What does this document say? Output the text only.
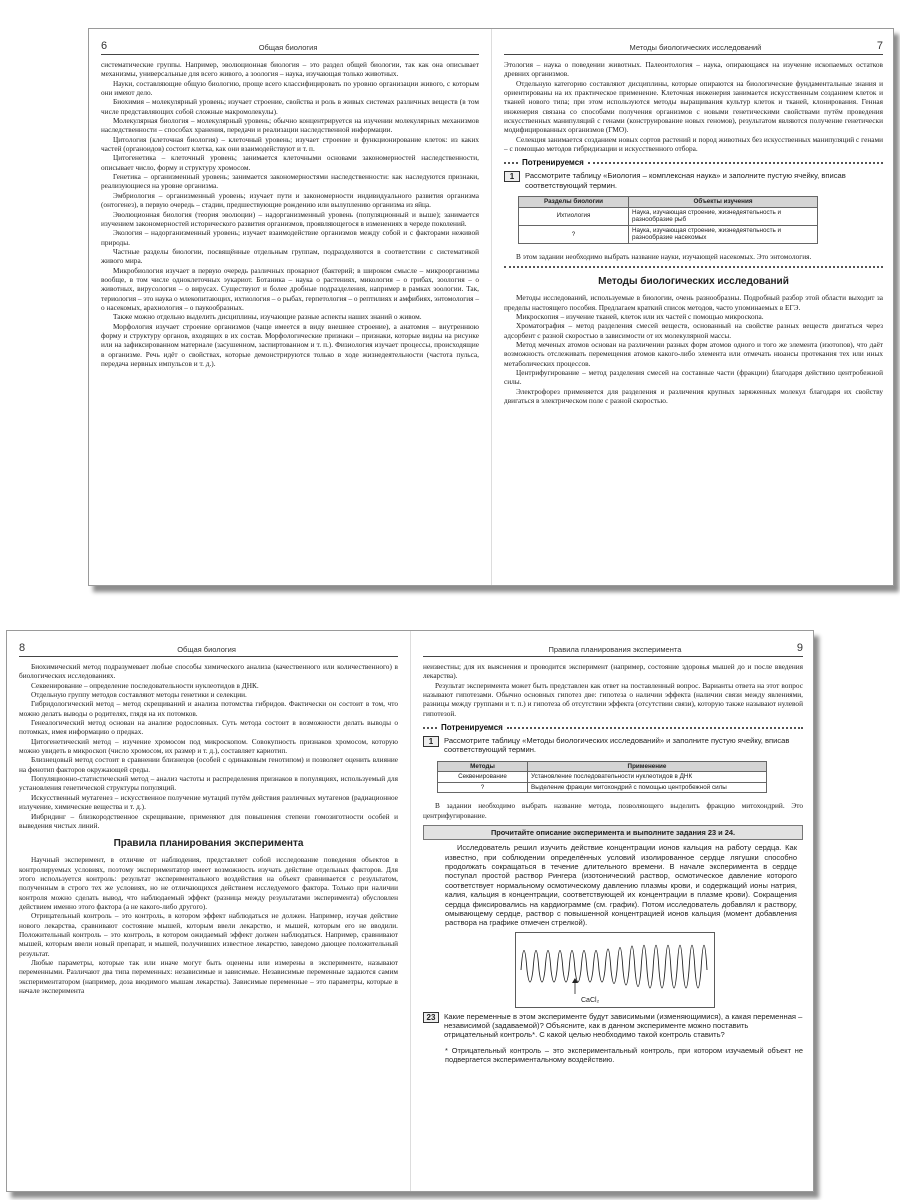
6	Общая биология

систематические группы. Например, эволюционная биология – это раздел общей биологии, так как она описывает механизмы, универсальные для всего живого, а зоология – наука, изучающая только животных.

Науки, составляющие общую биологию, проще всего классифицировать по уровню организации живого, с которым они имеют дело.

Биохимия – молекулярный уровень; изучает строение, свойства и роль в живых системах различных веществ (в том числе представляющих собой сложные макромолекулы).

Молекулярная биология – молекулярный уровень; обычно концентрируется на изучении молекулярных механизмов наследственности – способах хранения, передачи и реализации наследственной информации.

Цитология (клеточная биология) – клеточный уровень; изучает строение и функционирование клеток: из каких частей (органоидов) состоит клетка, как они взаимодействуют и т. п.

Цитогенетика – клеточный уровень; занимается клеточными основами закономерностей наследственности, описывает число, форму и структуру хромосом.

Генетика – организменный уровень; занимается закономерностями наследственности: как наследуются признаки, реализующиеся на уровне организма.

Эмбриология – организменный уровень; изучает пути и закономерности индивидуального развития организма (онтогенез), в первую очередь – стадии, предшествующие рождению или вылуплению организма из яйца.

Эволюционная биология (теория эволюции) – надорганизменный уровень (популяционный и выше); занимается изучением закономерностей исторического развития организмов, проявляющегося в изменениях в череде поколений.

Экология – надорганизменный уровень; изучает взаимодействие организмов между собой и с факторами неживой природы.

Частные разделы биологии, посвящённые отдельным группам, подразделяются в соответствии с систематикой живого мира.

Микробиология изучает в первую очередь различных прокариот (бактерий; в широком смысле – микроорганизмы вообще, в том числе одноклеточных эукариот. Ботаника – наука о растениях, микология – о грибах, зоология – о животных, вирусология – о вирусах. Существуют и более дробные подразделения, например в рамках зоологии. Так, териология – это наука о млекопитающих, ихтиология – о рыбах, герпетология – о рептилиях и амфибиях, энтомология – о насекомых, арахнология – о паукообразных.

Также можно отдельно выделить дисциплины, изучающие разные аспекты наших знаний о живом.

Морфология изучает строение организмов (чаще имеется в виду внешнее строение), а анатомия – внутреннюю форму и структуру органов, входящих в их состав. Морфологические признаки – признаки, которые видны на рисунке или на зафиксированном материале (засушенном, заспиртованном и т. п.). Физиология изучает процессы, происходящие в организме. Речь идёт о свойствах, которые демонстрируются только в ходе жизнедеятельности (частота пульса, передача нервных импульсов и т. д.).

Методы биологических исследований	7

Этология – наука о поведении животных. Палеонтология – наука, опирающаяся на изучение ископаемых остатков древних организмов.

Отдельную категорию составляют дисциплины, которые опираются на биологические фундаментальные знания и ориентированы на их практическое применение. Клеточная инженерия занимается искусственным созданием клеток и тканей нового типа; при этом используются методы выращивания культур клеток и тканей, клонирования. Генная инженерия связана со способами получения организмов с новыми генетическими свойствами путём проведения искусственных манипуляций с генами (конструирование новых геномов), результатом являются получение генетически модифицированных организмов (ГМО).

Селекция занимается созданием новых сортов растений и пород животных без искусственных манипуляций с генами – с помощью методов гибридизации и искусственного отбора.

Потренируемся
1	Рассмотрите таблицу «Биология – комплексная наука» и заполните пустую ячейку, вписав соответствующий термин.
Разделы биологии	Объекты изучения
Ихтиология	Наука, изучающая строение, жизнедеятельность и разнообразие рыб
?	Наука, изучающая строение, жизнедеятельность и разнообразие насекомых

В этом задании необходимо выбрать название науки, изучающей насекомых. Это энтомология.

Методы биологических исследований

Методы исследований, используемые в биологии, очень разнообразны. Подробный разбор этой области выходит за пределы настоящего пособия. Предлагаем краткий список методов, часто упоминаемых в ЕГЭ.

Микроскопия – изучение тканей, клеток или их частей с помощью микроскопа.

Хроматография – метод разделения смесей веществ, основанный на свойстве разных веществ двигаться через адсорбент с разной скоростью в зависимости от их молекулярной массы.

Метод меченых атомов основан на различении разных форм атомов одного и того же элемента (изотопов), что даёт возможность отслеживать перемещения атомов какого-либо элемента или отмечать нюансы протекания тех или иных метаболических процессов.

Центрифугирование – метод разделения смесей на составные части (фракции) благодаря действию центробежной силы.

Электрофорез применяется для разделения и различения крупных заряженных молекул благодаря их свойству двигаться в электрическом поле с разной скоростью.

8	Общая биология

Биохимический метод подразумевает любые способы химического анализа (качественного или количественного) в биологических исследованиях.

Секвенирование – определение последовательности нуклеотидов в ДНК.

Отдельную группу методов составляют методы генетики и селекции.

Гибридологический метод – метод скрещиваний и анализа потомства гибридов. Фактически он состоит в том, что можно делать выводы о родителях, глядя на их потомков.

Генеалогический метод основан на анализе родословных. Суть метода состоит в возможности делать выводы о потомках, имея информацию о предках.

Цитогенетический метод – изучение хромосом под микроскопом. Совокупность признаков хромосом, которую можно увидеть в микроскоп (число хромосом, их размер и т. д.), составляет кариотип.

Близнецовый метод состоит в сравнении близнецов (особей с одинаковым генотипом) и позволяет оценить влияние на фенотип факторов окружающей среды.

Популяционно-статистический метод – анализ частоты и распределения признаков в популяциях, используемый для установления генетической структуры популяций.

Искусственный мутагенез – искусственное получение мутаций путём действия различных мутагенов (радиационное излучение, химические вещества и т. д.).

Инбридинг – близкородственное скрещивание, применяют для повышения степени гомозиготности особей и выведения чистых линий.

Правила планирования эксперимента

Научный эксперимент, в отличие от наблюдения, представляет собой исследование поведения объектов в контролируемых условиях, поэтому экспериментатор имеет возможность изучать действие отдельных факторов. Для этого используется контроль: результат экспериментального воздействия на объект сравнивается с результатом, полученным в строго тех же условиях, но не отличающихся действием исследуемого фактора. Только при наличии контроля можно сделать вывод, что наблюдаемый эффект (разница между результатами эксперимента) обусловлен действием именно этого фактора (а не какого-либо другого).

Отрицательный контроль – это контроль, в котором эффект наблюдаться не должен. Например, изучая действие нового лекарства, сравнивают состояние мышей, которым ввели лекарство, и мышей, которым его не вводили. Положительный контроль – это контроль, в котором ожидаемый эффект должен наблюдаться. Например, сравнивают мышей, которым ввели новый препарат, и мышей, получивших известное лекарство, заведомо дающее положительный результат.

Любые параметры, которые так или иначе могут быть оценены или измерены в эксперименте, называют переменными. Различают два типа переменных: независимые и зависимые. Независимые переменные задаются самим экспериментатором (например, доза вводимого мышам лекарства). Зависимые переменные – это параметры, которые в начале эксперимента

Правила планирования эксперимента	9

неизвестны; для их выяснения и проводится эксперимент (например, состояние здоровья мышей до и после введения лекарства).

Результат эксперимента может быть представлен как ответ на поставленный вопрос. Варианты ответа на этот вопрос называют гипотезами. Обычно основных гипотез две: гипотеза о наличии эффекта (наличии связи между явлениями, разницы между группами и т. п.) и гипотеза об отсутствии эффекта (отсутствии связи), которую также называют нулевой гипотезой.

Потренируемся
1	Рассмотрите таблицу «Методы биологических исследований» и заполните пустую ячейку, вписав соответствующий термин.
Методы	Применение
Секвенирование	Установление последовательности нуклеотидов в ДНК
?	Выделение фракции митохондрий с помощью центробежной силы

В задании необходимо выбрать название метода, позволяющего выделить фракцию митохондрий. Это центрифугирование.

Прочитайте описание эксперимента и выполните задания 23 и 24.

Исследователь решил изучить действие концентрации ионов кальция на работу сердца. Как известно, при соблюдении определённых условий изолированное сердце лягушки способно продолжать сокращаться в течение длительного времени. В начале эксперимента в сердце поступал простой раствор Рингера (изотонический раствор, осмотическое давление которого соответствует нормальному осмотическому давлению плазмы крови, и содержащий ионы натрия, калия, кальция в концентрации, соответствующей их концентрации в плазме крови). Сокращения сердца фиксировались на кардиограмме (см. график). Потом исследователь добавлял к раствору, омывающему сердце, раствор с повышенной концентрацией ионов кальция (момент добавления раствора на графике отмечен стрелкой).

CaCl₂
23	Какие переменные в этом эксперименте будут зависимыми (изменяющимися), а какая переменная – независимой (задаваемой)? Объясните, как в данном эксперименте можно поставить отрицательный контроль*. С какой целью необходимо такой контроль ставить?
* Отрицательный контроль – это экспериментальный контроль, при котором изучаемый объект не подвергается экспериментальному воздействию.
